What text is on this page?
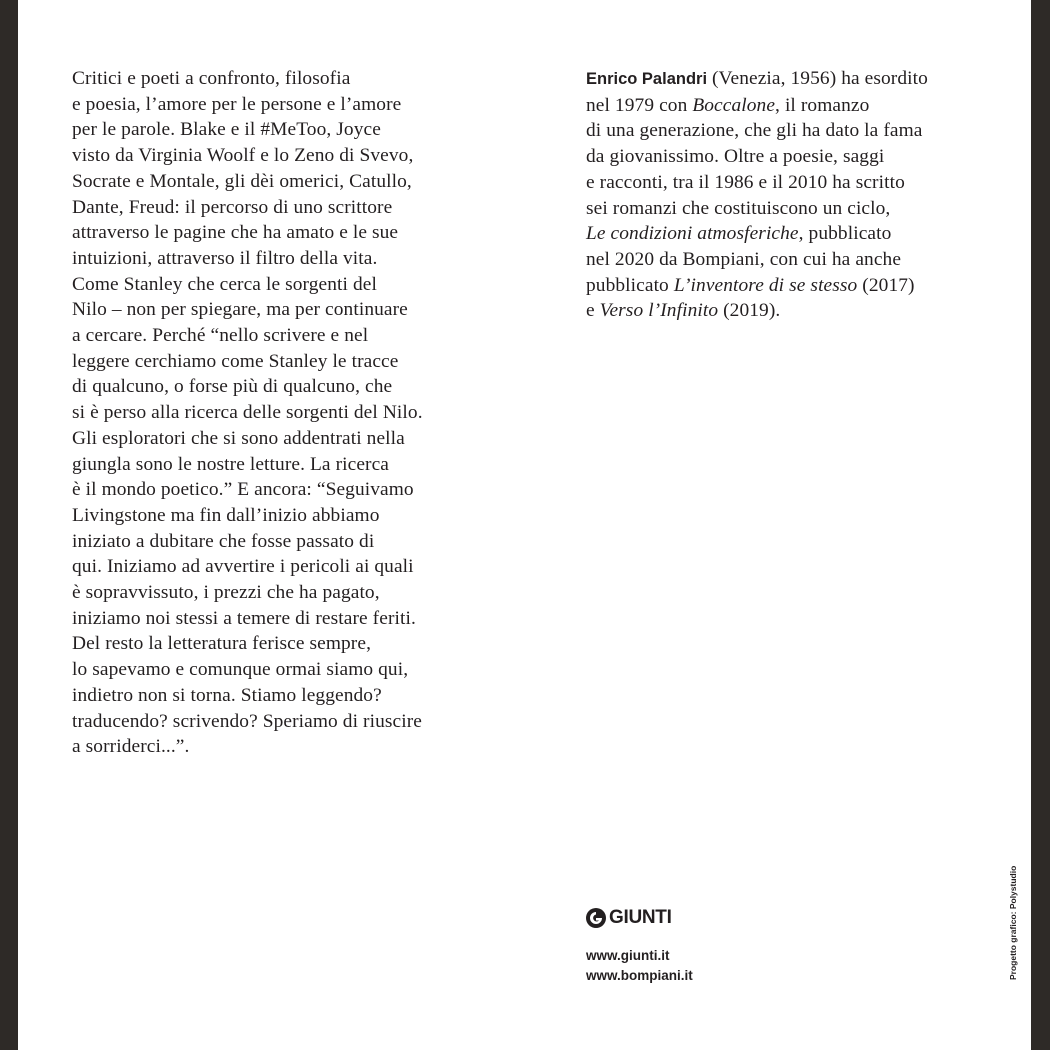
Critici e poeti a confronto, filosofia
e poesia, l’amore per le persone e l’amore
per le parole. Blake e il #MeToo, Joyce
visto da Virginia Woolf e lo Zeno di Svevo,
Socrate e Montale, gli dèi omerici, Catullo,
Dante, Freud: il percorso di uno scrittore
attraverso le pagine che ha amato e le sue
intuizioni, attraverso il filtro della vita.
Come Stanley che cerca le sorgenti del
Nilo – non per spiegare, ma per continuare
a cercare. Perché “nello scrivere e nel
leggere cerchiamo come Stanley le tracce
di qualcuno, o forse più di qualcuno, che
si è perso alla ricerca delle sorgenti del Nilo.
Gli esploratori che si sono addentrati nella
giungla sono le nostre letture. La ricerca
è il mondo poetico.” E ancora: “Seguivamo
Livingstone ma fin dall’inizio abbiamo
iniziato a dubitare che fosse passato di
qui. Iniziamo ad avvertire i pericoli ai quali
è sopravvissuto, i prezzi che ha pagato,
iniziamo noi stessi a temere di restare feriti.
Del resto la letteratura ferisce sempre,
lo sapevamo e comunque ormai siamo qui,
indietro non si torna. Stiamo leggendo?
traducendo? scrivendo? Speriamo di riuscire
a sorriderci...”.
Enrico Palandri (Venezia, 1956) ha esordito
nel 1979 con Boccalone, il romanzo
di una generazione, che gli ha dato la fama
da giovanissimo. Oltre a poesie, saggi
e racconti, tra il 1986 e il 2010 ha scritto
sei romanzi che costituiscono un ciclo,
Le condizioni atmosferiche, pubblicato
nel 2020 da Bompiani, con cui ha anche
pubblicato L’inventore di se stesso (2017)
e Verso l’Infinito (2019).
GIUNTI
www.giunti.it
www.bompiani.it	Progetto grafico: Polystudio
